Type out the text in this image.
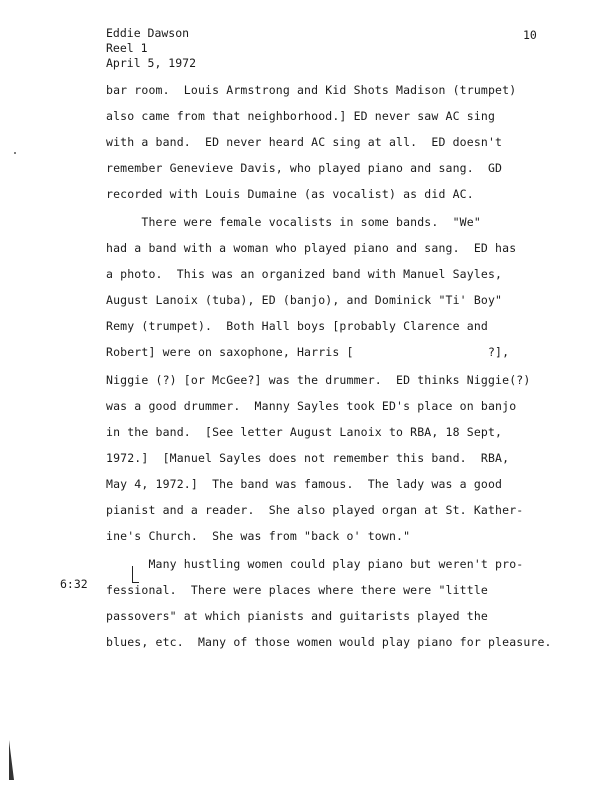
Eddie Dawson
Reel 1
April 5, 1972
10
bar room.  Louis Armstrong and Kid Shots Madison (trumpet)
also came from that neighborhood.] ED never saw AC sing
with a band.  ED never heard AC sing at all.  ED doesn't
remember Genevieve Davis, who played piano and sang.  GD
recorded with Louis Dumaine (as vocalist) as did AC.
There were female vocalists in some bands.  "We"
had a band with a woman who played piano and sang.  ED has
a photo.  This was an organized band with Manuel Sayles,
August Lanoix (tuba), ED (banjo), and Dominick "Ti' Boy"
Remy (trumpet).  Both Hall boys [probably Clarence and
Robert] were on saxophone, Harris [                   ?],
Niggie (?) [or McGee?] was the drummer.  ED thinks Niggie(?)
was a good drummer.  Manny Sayles took ED's place on banjo
in the band.  [See letter August Lanoix to RBA, 18 Sept,
1972.]  [Manuel Sayles does not remember this band.  RBA,
May 4, 1972.]  The band was famous.  The lady was a good
pianist and a reader.  She also played organ at St. Kather-
ine's Church.  She was from "back o' town."
Many hustling women could play piano but weren't pro-
fessional.  There were places where there were "little
passovers" at which pianists and guitarists played the
blues, etc.  Many of those women would play piano for pleasure.
6:32
